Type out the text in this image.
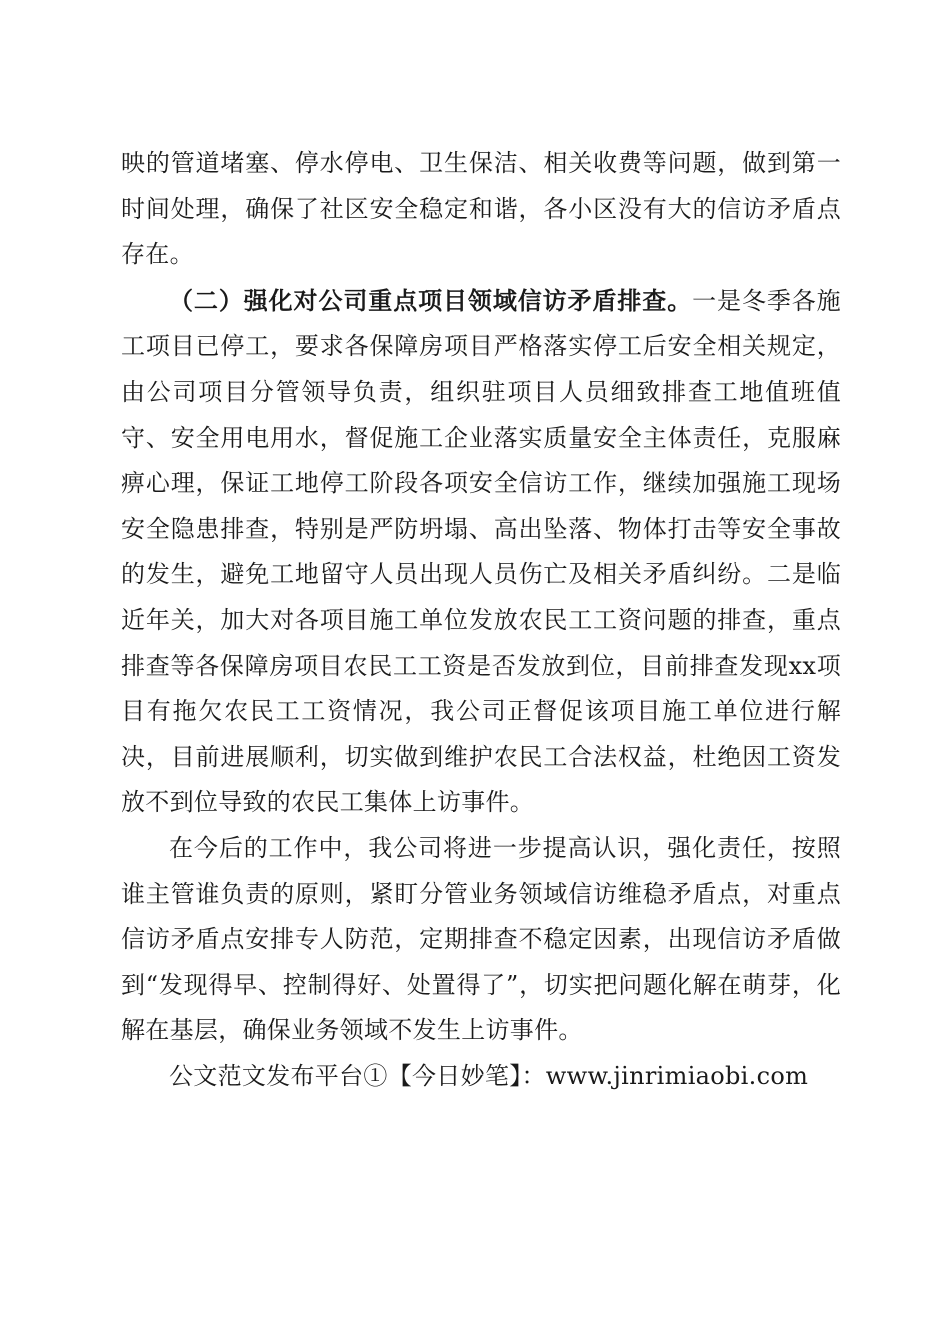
映的管道堵塞、停水停电、卫生保洁、相关收费等问题，做到第一时间处理，确保了社区安全稳定和谐，各小区没有大的信访矛盾点存在。

（二）强化对公司重点项目领域信访矛盾排查。一是冬季各施工项目已停工，要求各保障房项目严格落实停工后安全相关规定，由公司项目分管领导负责，组织驻项目人员细致排查工地值班值守、安全用电用水，督促施工企业落实质量安全主体责任，克服麻痹心理，保证工地停工阶段各项安全信访工作，继续加强施工现场安全隐患排查，特别是严防坍塌、高出坠落、物体打击等安全事故的发生，避免工地留守人员出现人员伤亡及相关矛盾纠纷。二是临近年关，加大对各项目施工单位发放农民工工资问题的排查，重点排查等各保障房项目农民工工资是否发放到位，目前排查发现xx项目有拖欠农民工工资情况，我公司正督促该项目施工单位进行解决，目前进展顺利，切实做到维护农民工合法权益，杜绝因工资发放不到位导致的农民工集体上访事件。

在今后的工作中，我公司将进一步提高认识，强化责任，按照谁主管谁负责的原则，紧盯分管业务领域信访维稳矛盾点，对重点信访矛盾点安排专人防范，定期排查不稳定因素，出现信访矛盾做到“发现得早、控制得好、处置得了”，切实把问题化解在萌芽，化解在基层，确保业务领域不发生上访事件。

公文范文发布平台①【今日妙笔】：www.jinrimiaobi.com
